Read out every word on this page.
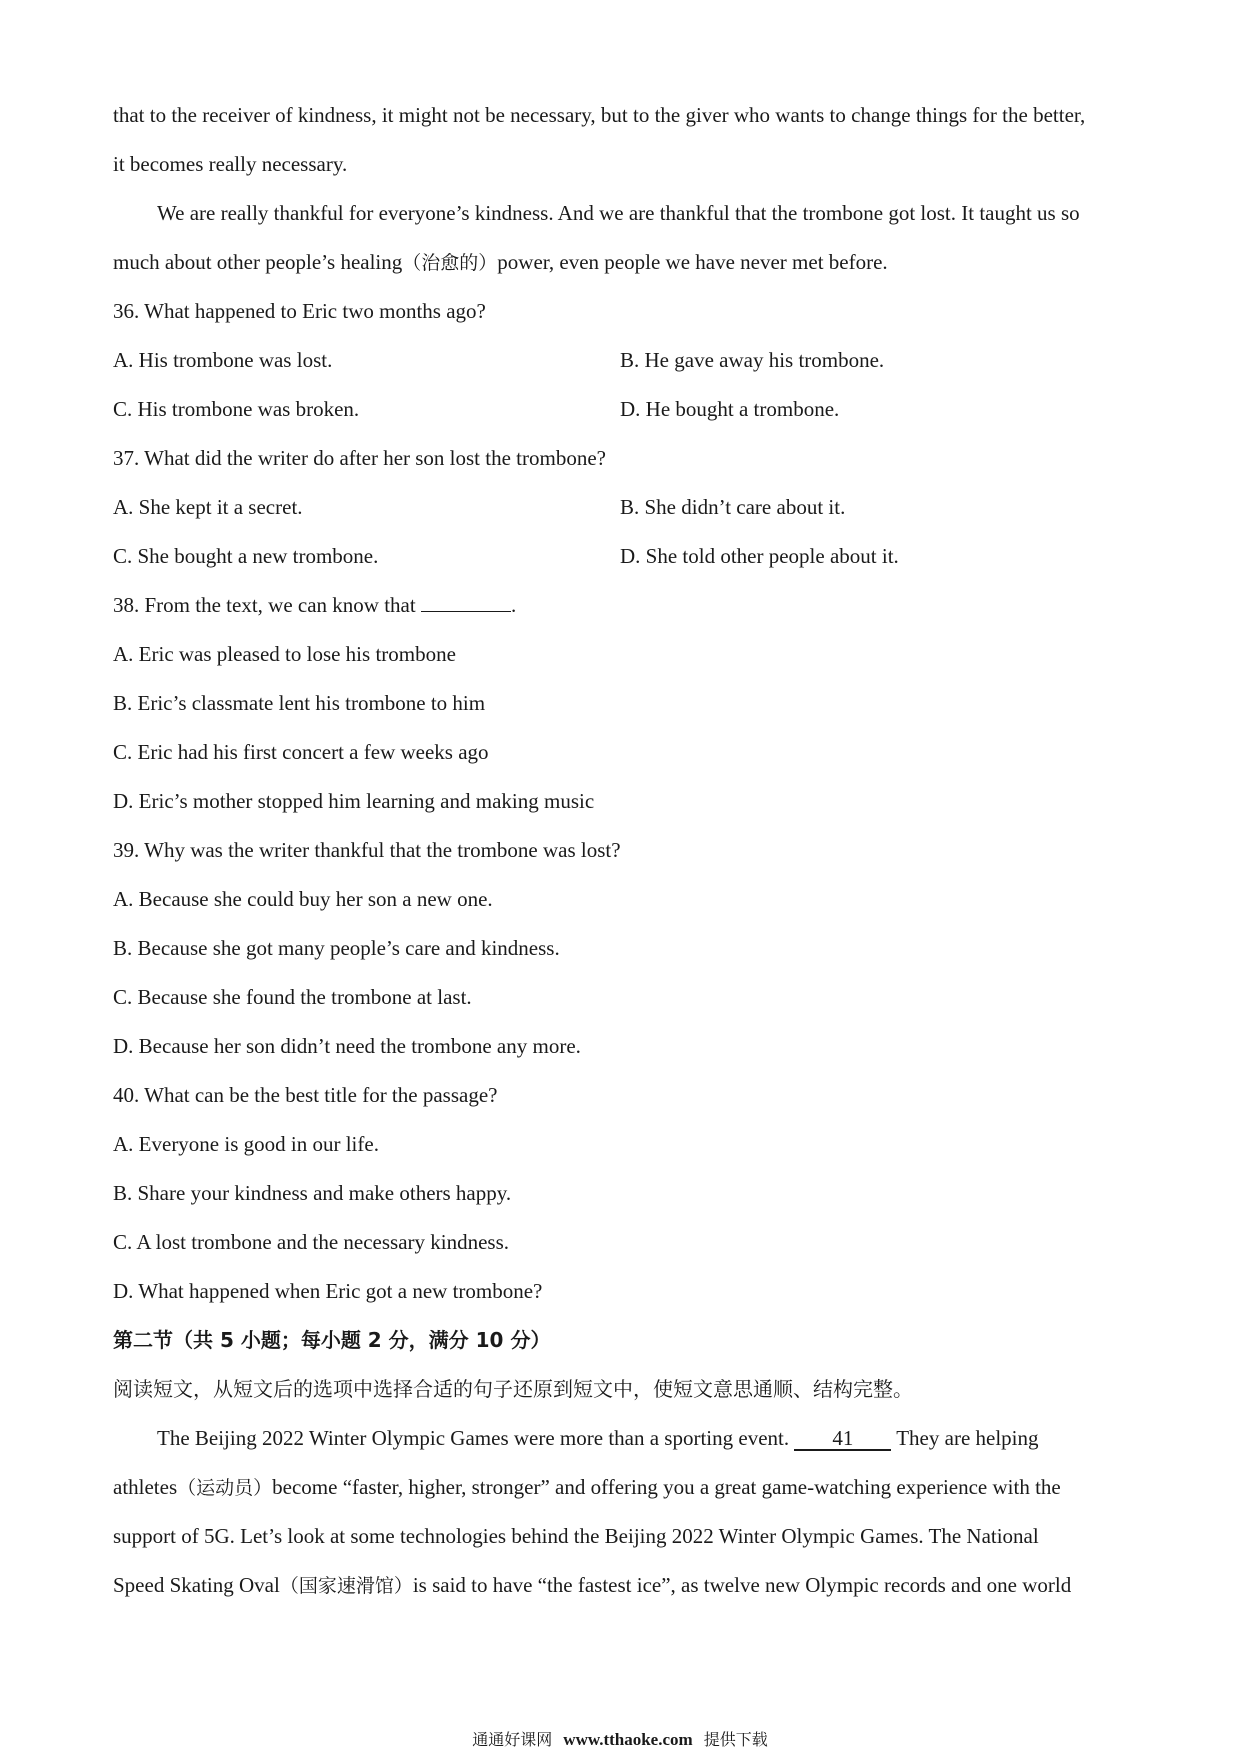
that to the receiver of kindness, it might not be necessary, but to the giver who wants to change things for the better,
it becomes really necessary.
We are really thankful for everyone’s kindness. And we are thankful that the trombone got lost. It taught us so
much about other people’s healing（治愈的）power, even people we have never met before.
36. What happened to Eric two months ago?
A. His trombone was lost.	B. He gave away his trombone.
C. His trombone was broken.	D. He bought a trombone.
37. What did the writer do after her son lost the trombone?
A. She kept it a secret.	B. She didn’t care about it.
C. She bought a new trombone.	D. She told other people about it.
38. From the text, we can know that	.
A. Eric was pleased to lose his trombone
B. Eric’s classmate lent his trombone to him
C. Eric had his first concert a few weeks ago
D. Eric’s mother stopped him learning and making music
39. Why was the writer thankful that the trombone was lost?
A. Because she could buy her son a new one.
B. Because she got many people’s care and kindness.
C. Because she found the trombone at last.
D. Because her son didn’t need the trombone any more.
40. What can be the best title for the passage?
A. Everyone is good in our life.
B. Share your kindness and make others happy.
C. A lost trombone and the necessary kindness.
D. What happened when Eric got a new trombone?
第二节（共 5 小题；每小题 2 分，满分 10 分）
阅读短文，从短文后的选项中选择合适的句子还原到短文中，使短文意思通顺、结构完整。
The Beijing 2022 Winter Olympic Games were more than a sporting event. 41 They are helping
athletes（运动员）become “faster, higher, stronger” and offering you a great game-watching experience with the
support of 5G. Let’s look at some technologies behind the Beijing 2022 Winter Olympic Games. The National
Speed Skating Oval（国家速滑馆）is said to have “the fastest ice”, as twelve new Olympic records and one world
通通好课网 www.tthaoke.com 提供下载
